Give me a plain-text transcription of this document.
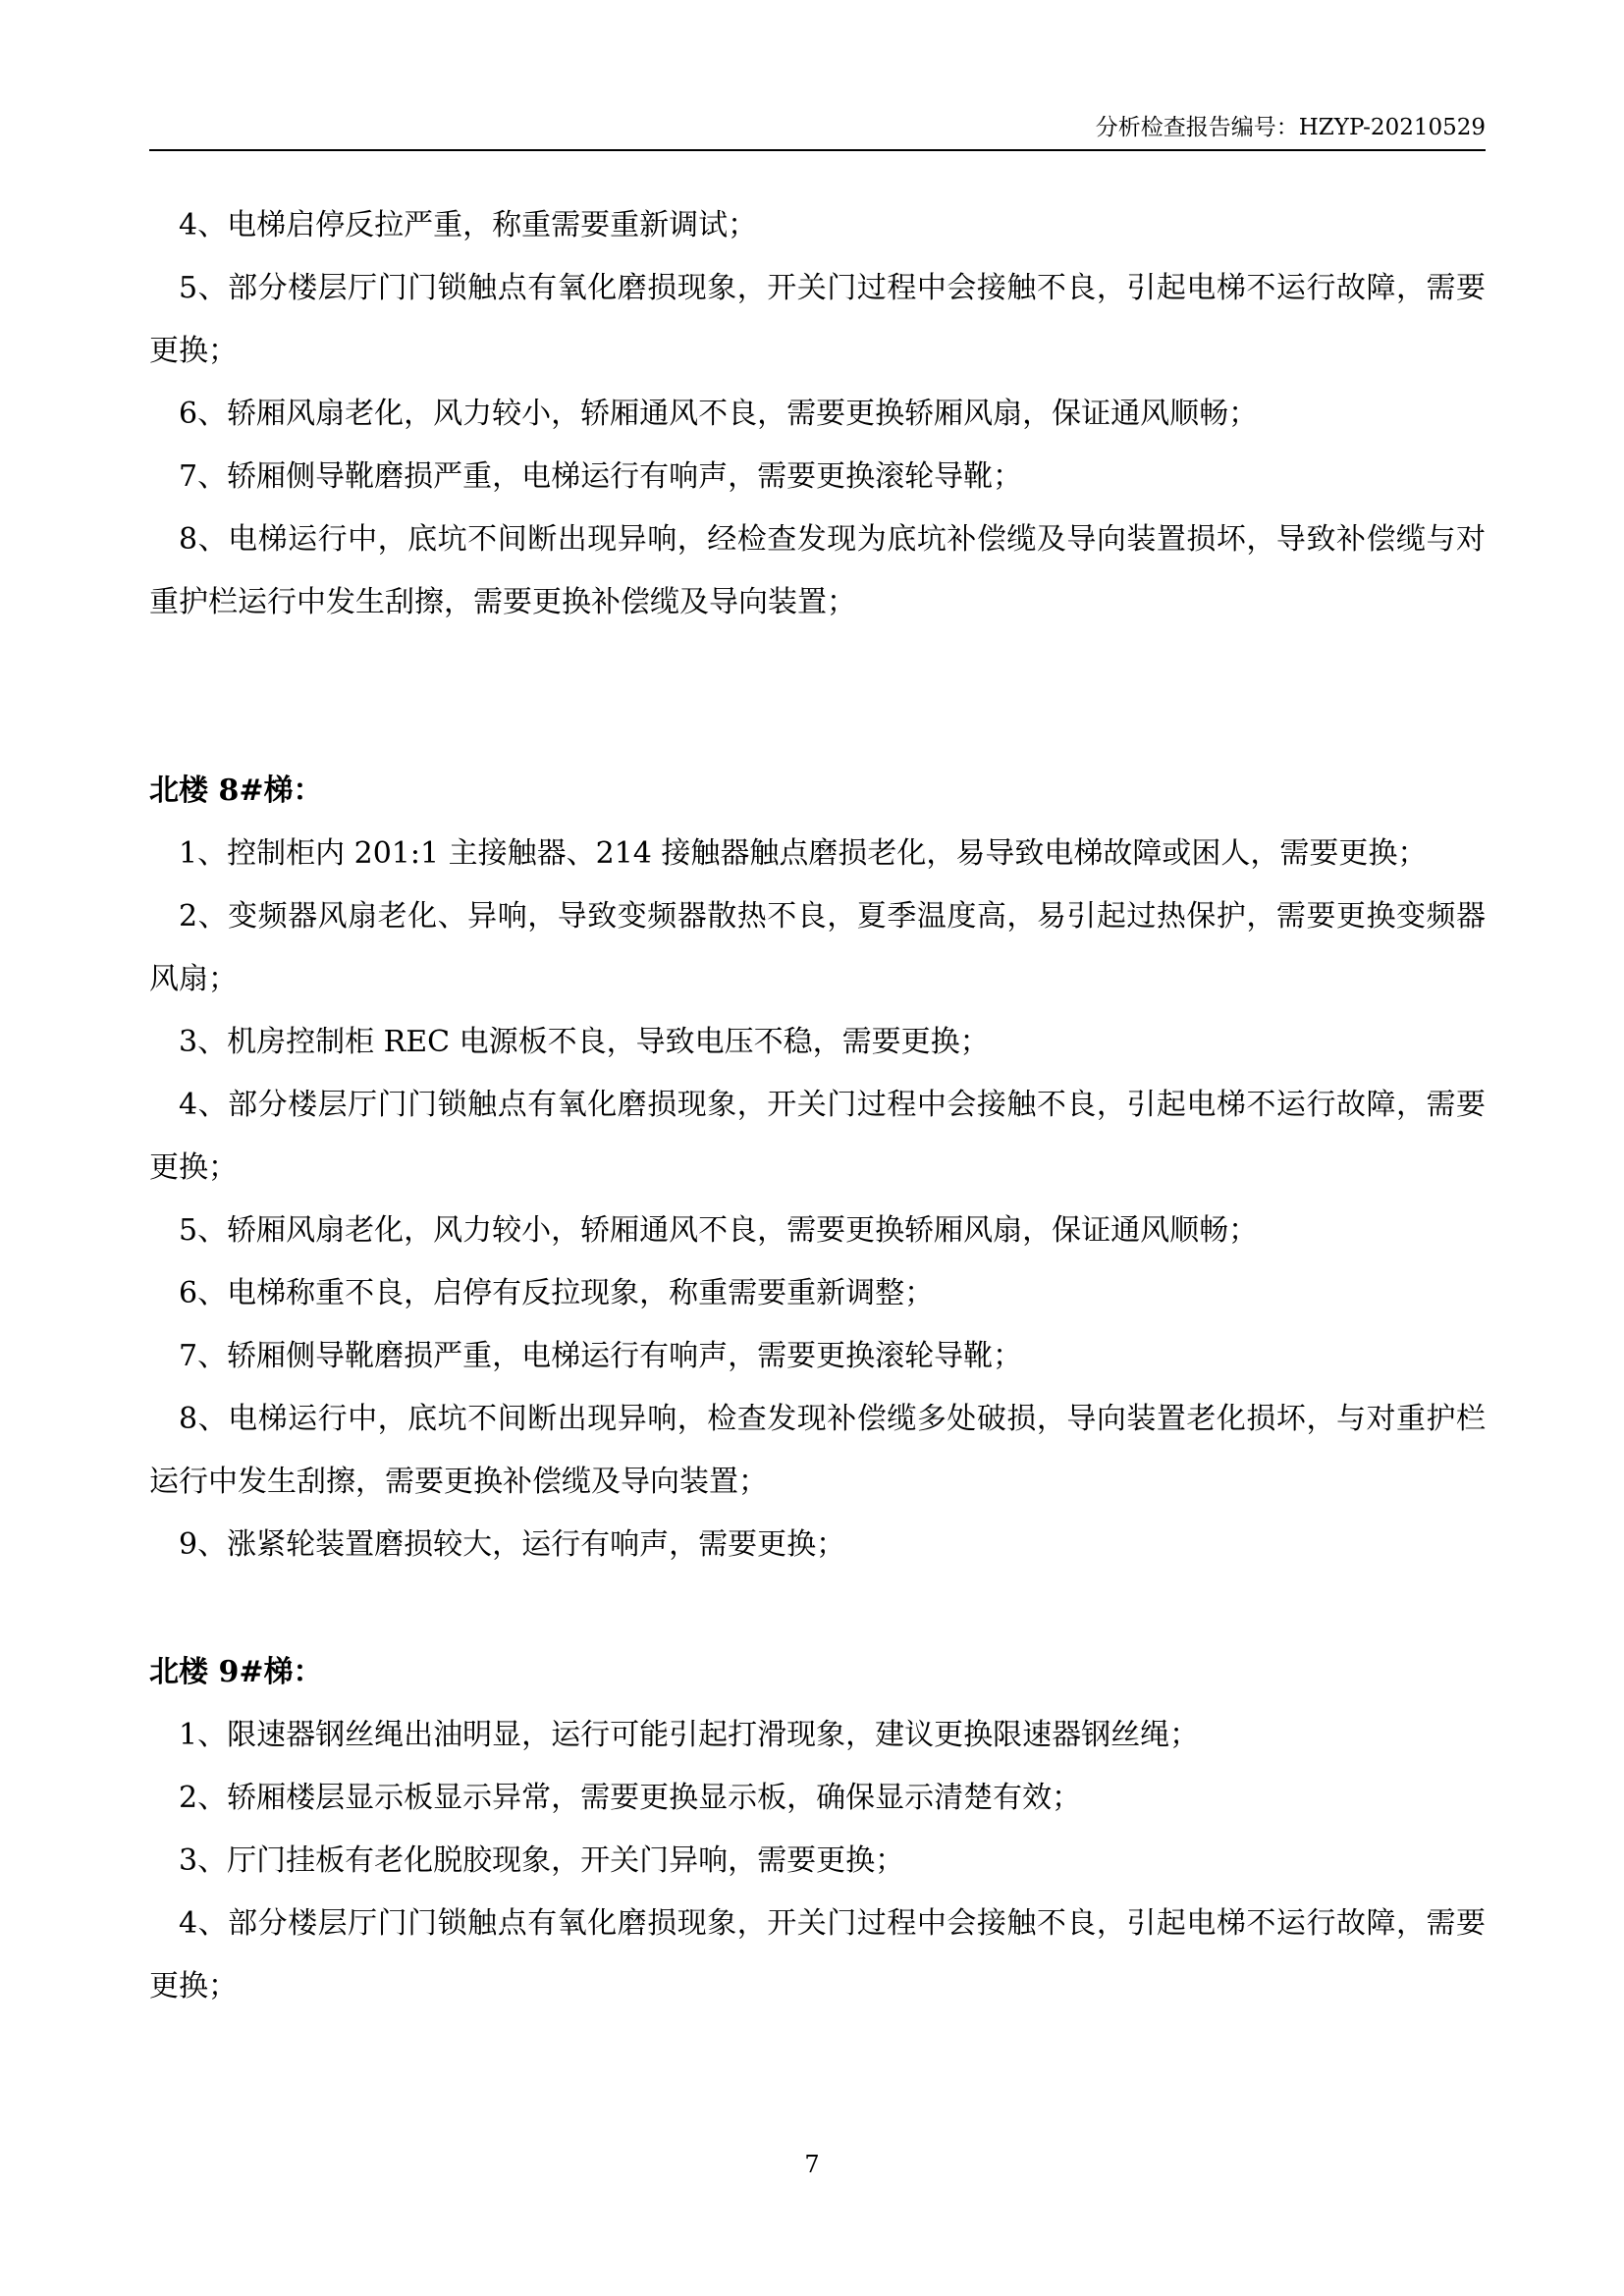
分析检查报告编号：HZYP-20210529

4、电梯启停反拉严重，称重需要重新调试；

5、部分楼层厅门门锁触点有氧化磨损现象，开关门过程中会接触不良，引起电梯不运行故障，需要更换；

6、轿厢风扇老化，风力较小，轿厢通风不良，需要更换轿厢风扇，保证通风顺畅；

7、轿厢侧导靴磨损严重，电梯运行有响声，需要更换滚轮导靴；

8、电梯运行中，底坑不间断出现异响，经检查发现为底坑补偿缆及导向装置损坏，导致补偿缆与对重护栏运行中发生刮擦，需要更换补偿缆及导向装置；

北楼 8#梯：

1、控制柜内 201:1 主接触器、214 接触器触点磨损老化，易导致电梯故障或困人，需要更换；

2、变频器风扇老化、异响，导致变频器散热不良，夏季温度高，易引起过热保护，需要更换变频器风扇；

3、机房控制柜 REC 电源板不良，导致电压不稳，需要更换；

4、部分楼层厅门门锁触点有氧化磨损现象，开关门过程中会接触不良，引起电梯不运行故障，需要更换；

5、轿厢风扇老化，风力较小，轿厢通风不良，需要更换轿厢风扇，保证通风顺畅；

6、电梯称重不良，启停有反拉现象，称重需要重新调整；

7、轿厢侧导靴磨损严重，电梯运行有响声，需要更换滚轮导靴；

8、电梯运行中，底坑不间断出现异响，检查发现补偿缆多处破损，导向装置老化损坏，与对重护栏运行中发生刮擦，需要更换补偿缆及导向装置；

9、涨紧轮装置磨损较大，运行有响声，需要更换；

北楼 9#梯：

1、限速器钢丝绳出油明显，运行可能引起打滑现象，建议更换限速器钢丝绳；

2、轿厢楼层显示板显示异常，需要更换显示板，确保显示清楚有效；

3、厅门挂板有老化脱胶现象，开关门异响，需要更换；

4、部分楼层厅门门锁触点有氧化磨损现象，开关门过程中会接触不良，引起电梯不运行故障，需要更换；

7
